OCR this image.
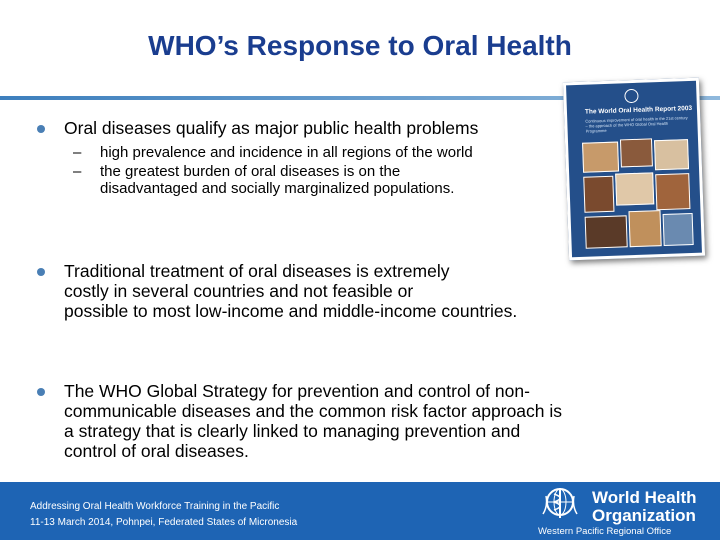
WHO’s Response to Oral Health
The World Oral Health Report 2003
Continuous improvement of oral health in the 21st century – the approach of the WHO Global Oral Health Programme
Oral diseases qualify as major public health problems
– high prevalence and incidence in all regions of the world
– the greatest burden of oral diseases is on the
disadvantaged and socially marginalized populations.
Traditional treatment of oral diseases is extremely
costly in several countries and not feasible or
possible to most low-income and middle-income countries.
The WHO Global Strategy for prevention and control of non-
communicable diseases and the common risk factor approach is
a strategy that is clearly linked to managing prevention and
control of oral diseases.
Addressing Oral Health Workforce Training in the Pacific
11-13 March 2014, Pohnpei, Federated States of Micronesia
World Health
Organization
Western Pacific Regional Office
